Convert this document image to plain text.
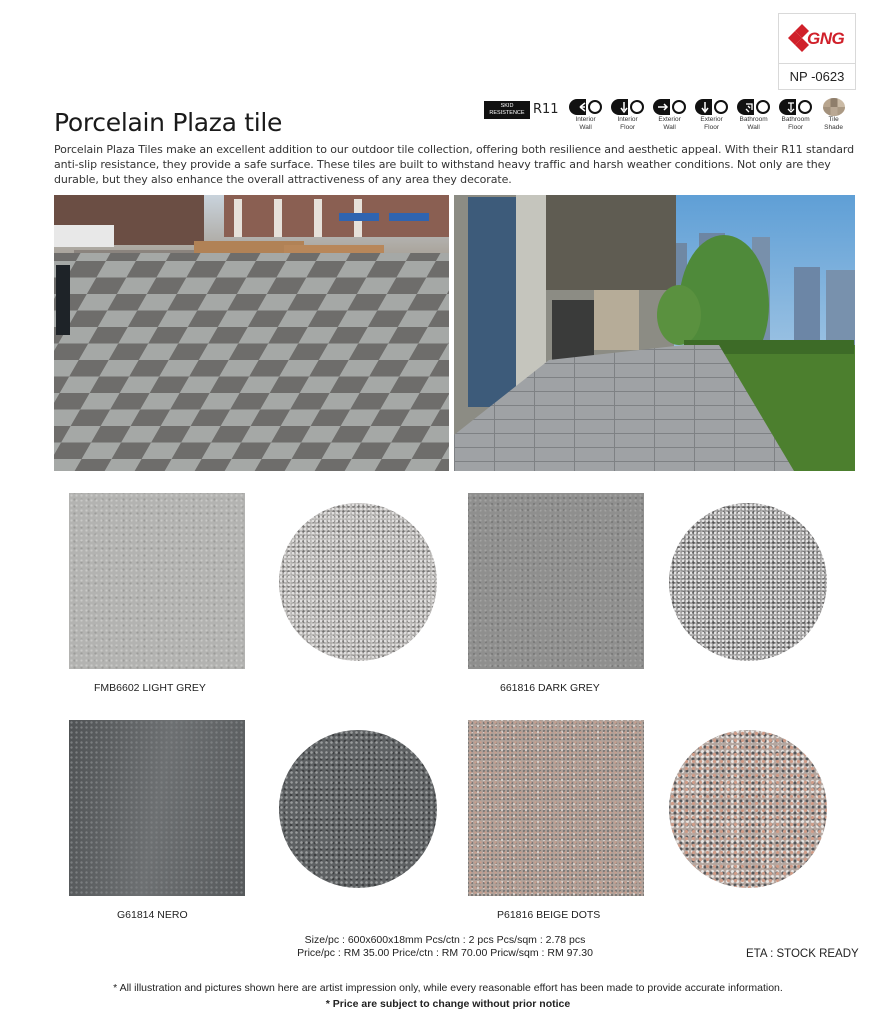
GNG
NP -0623
Porcelain Plaza tile
SKID
RESISTENCE R11
Interior
Wall
Interior
Floor
Exterior
Wall
Exterior
Floor
Bathroom
Wall
Bathroom
Floor
Tile
Shade

Porcelain Plaza Tiles make an excellent addition to our outdoor tile collection, offering both resilience and aesthetic appeal. With their R11 standard anti-slip resistance, they provide a safe surface. These tiles are built to withstand heavy traffic and harsh weather conditions. Not only are they durable, but they also enhance the overall attractiveness of any area they decorate.

FMB6602 LIGHT GREY	661816 DARK GREY
G61814 NERO	P61816 BEIGE DOTS
Size/pc : 600x600x18mm Pcs/ctn : 2 pcs Pcs/sqm : 2.78 pcs
Price/pc : RM 35.00 Price/ctn : RM 70.00 Pricw/sqm : RM 97.30	ETA : STOCK READY
* All illustration and pictures shown here are artist impression only, while every reasonable effort has been made to provide accurate information.
* Price are subject to change without prior notice
